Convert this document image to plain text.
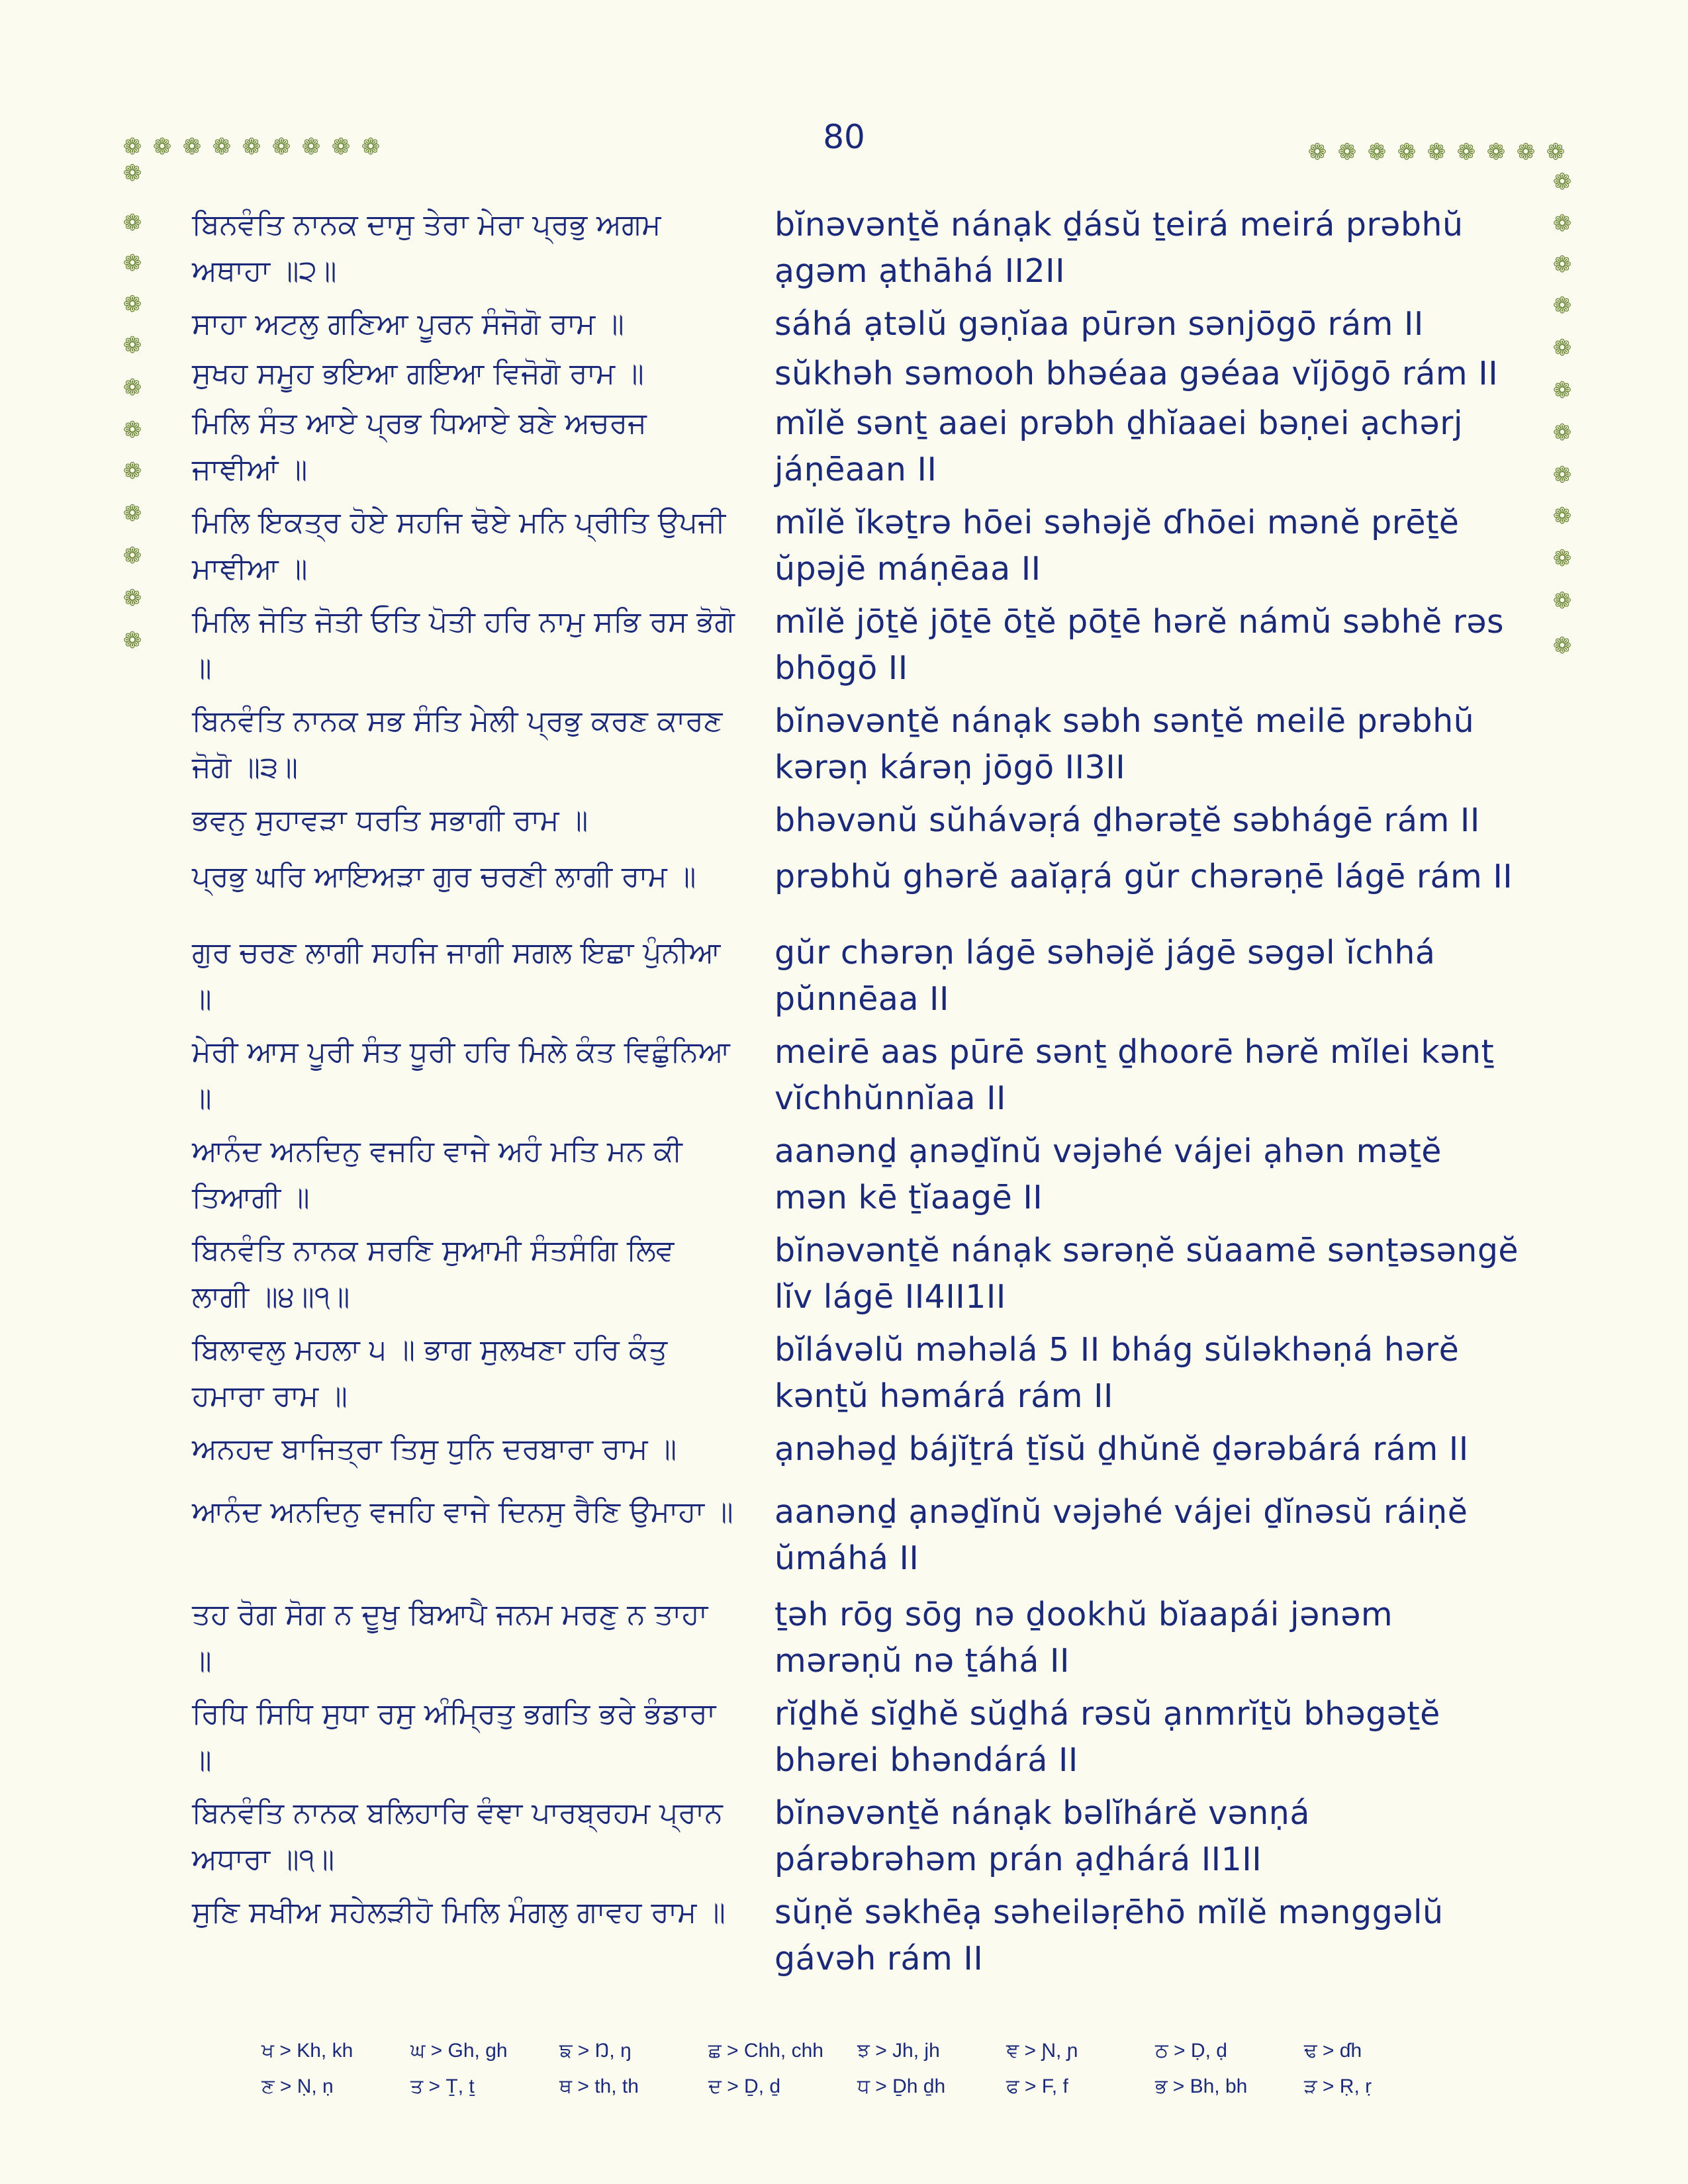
80
❁ ❁ ❁ ❁ ❁ ❁ ❁ ❁ ❁	❁ ❁ ❁ ❁ ❁ ❁ ❁ ❁ ❁
❁
❁
❁
❁
❁
❁
❁
❁
❁
❁
❁
❁
❁
❁
❁
❁
❁
❁
❁
❁
❁
❁
❁
❁
ਬਿਨਵੰਤਿ ਨਾਨਕ ਦਾਸੁ ਤੇਰਾ ਮੇਰਾ ਪ੍ਰਭੁ ਅਗਮ ਅਥਾਹਾ ॥੨॥
bĭnəvənṯĕ nánạk ḏásŭ ṯeirá meirá prəbhŭ ạgəm ạthāhá II2II
ਸਾਹਾ ਅਟਲੁ ਗਣਿਆ ਪੂਰਨ ਸੰਜੋਗੋ ਰਾਮ ॥	sáhá ạtəlŭ gəṇĭaa pūrən sənjōgō rám II
ਸੁਖਹ ਸਮੂਹ ਭਇਆ ਗਇਆ ਵਿਜੋਗੋ ਰਾਮ ॥	sŭkhəh səmooh bhəéaa gəéaa vĭjōgō rám II
ਮਿਲਿ ਸੰਤ ਆਏ ਪ੍ਰਭ ਧਿਆਏ ਬਣੇ ਅਚਰਜ ਜਾਞੀਆਂ ॥
mĭlĕ sənṯ aaei prəbh ḏhĭaaei bəṇei ạchərj jáṇēaan II
ਮਿਲਿ ਇਕਤ੍ਰ ਹੋਏ ਸਹਜਿ ਢੋਏ ਮਨਿ ਪ੍ਰੀਤਿ ਉਪਜੀ ਮਾਞੀਆ ॥
mĭlĕ ĭkəṯrə hōei səhəjĕ ɗhōei mənĕ prēṯĕ ŭpəjē máṇēaa II
ਮਿਲਿ ਜੋਤਿ ਜੋਤੀ ਓਤਿ ਪੋਤੀ ਹਰਿ ਨਾਮੁ ਸਭਿ ਰਸ ਭੋਗੋ ॥
mĭlĕ jōṯĕ jōṯē ōṯĕ pōṯē hərĕ námŭ səbhĕ rəs bhōgō II
ਬਿਨਵੰਤਿ ਨਾਨਕ ਸਭ ਸੰਤਿ ਮੇਲੀ ਪ੍ਰਭੁ ਕਰਣ ਕਾਰਣ ਜੋਗੋ ॥੩॥
bĭnəvənṯĕ nánạk səbh sənṯĕ meilē prəbhŭ kərəṇ kárəṇ jōgō II3II
ਭਵਨੁ ਸੁਹਾਵੜਾ ਧਰਤਿ ਸਭਾਗੀ ਰਾਮ ॥	bhəvənŭ sŭhávəṛá ḏhərəṯĕ səbhágē rám II
ਪ੍ਰਭੁ ਘਰਿ ਆਇਅੜਾ ਗੁਰ ਚਰਣੀ ਲਾਗੀ ਰਾਮ ॥	prəbhŭ ghərĕ aaĭạṛá gŭr chərəṇē lágē rám II
ਗੁਰ ਚਰਣ ਲਾਗੀ ਸਹਜਿ ਜਾਗੀ ਸਗਲ ਇਛਾ ਪੁੰਨੀਆ ॥
gŭr chərəṇ lágē səhəjĕ jágē səgəl ĭchhá pŭnnēaa II
ਮੇਰੀ ਆਸ ਪੂਰੀ ਸੰਤ ਧੂਰੀ ਹਰਿ ਮਿਲੇ ਕੰਤ ਵਿਛੁੰਨਿਆ ॥
meirē aas pūrē sənṯ ḏhoorē hərĕ mĭlei kənṯ vĭchhŭnnĭaa II
ਆਨੰਦ ਅਨਦਿਨੁ ਵਜਹਿ ਵਾਜੇ ਅਹੰ ਮਤਿ ਮਨ ਕੀ ਤਿਆਗੀ ॥
aanənḏ ạnəḏĭnŭ vəjəhé vájei ạhən məṯĕ mən kē ṯĭaagē II
ਬਿਨਵੰਤਿ ਨਾਨਕ ਸਰਣਿ ਸੁਆਮੀ ਸੰਤਸੰਗਿ ਲਿਵ ਲਾਗੀ ॥੪॥੧॥
bĭnəvənṯĕ nánạk sərəṇĕ sŭaamē sənṯəsəngĕ lĭv lágē II4II1II
ਬਿਲਾਵਲੁ ਮਹਲਾ ੫ ॥ ਭਾਗ ਸੁਲਖਣਾ ਹਰਿ ਕੰਤੁ ਹਮਾਰਾ ਰਾਮ ॥
bĭlávəlŭ məhəlá 5 II bhág sŭləkhəṇá hərĕ kənṯŭ həmárá rám II
ਅਨਹਦ ਬਾਜਿਤ੍ਰਾ ਤਿਸੁ ਧੁਨਿ ਦਰਬਾਰਾ ਰਾਮ ॥	ạnəhəḏ bájĭṯrá ṯĭsŭ ḏhŭnĕ ḏərəbárá rám II
ਆਨੰਦ ਅਨਦਿਨੁ ਵਜਹਿ ਵਾਜੇ ਦਿਨਸੁ ਰੈਣਿ ਉਮਾਹਾ ॥ aanənḏ ạnəḏĭnŭ vəjəhé vájei ḏĭnəsŭ ráiṇĕ ŭmáhá II
ਤਹ ਰੋਗ ਸੋਗ ਨ ਦੂਖੁ ਬਿਆਪੈ ਜਨਮ ਮਰਣੁ ਨ ਤਾਹਾ ॥
ṯəh rōg sōg nə ḏookhŭ bĭaapái jənəm mərəṇŭ nə ṯáhá II
ਰਿਧਿ ਸਿਧਿ ਸੁਧਾ ਰਸੁ ਅੰਮ੍ਰਿਤੁ ਭਗਤਿ ਭਰੇ ਭੰਡਾਰਾ ॥
rĭḏhĕ sĭḏhĕ sŭḏhá rəsŭ ạnmrĭṯŭ bhəgəṯĕ bhərei bhəndárá II
ਬਿਨਵੰਤਿ ਨਾਨਕ ਬਲਿਹਾਰਿ ਵੰਞਾ ਪਾਰਬ੍ਰਹਮ ਪ੍ਰਾਨ ਅਧਾਰਾ ॥੧॥
bĭnəvənṯĕ nánạk bəlĭhárĕ vənṇá párəbrəhəm prán ạḏhárá II1II
ਸੁਣਿ ਸਖੀਅ ਸਹੇਲੜੀਹੋ ਮਿਲਿ ਮੰਗਲੁ ਗਾਵਹ ਰਾਮ ॥ sŭṇĕ səkhēạ səheiləṛēhō mĭlĕ mənggəlŭ gávəh rám II
ਖ > Kh, kh	ਘ > Gh, gh	ਙ > Ŋ, ŋ	ਛ > Chh, chh	ਝ > Jh, jh	ਞ > Ɲ, ɲ	ਠ > Ḍ, ḍ	ਢ > ɗh
ਣ > Ṇ, ṇ	ਤ > Ṯ, ṯ	ਥ > th, th	ਦ > Ḏ, ḏ	ਧ > Ḏh ḏh	ਫ > F, f	ਭ > Bh, bh	ੜ > Ṛ, ṛ
